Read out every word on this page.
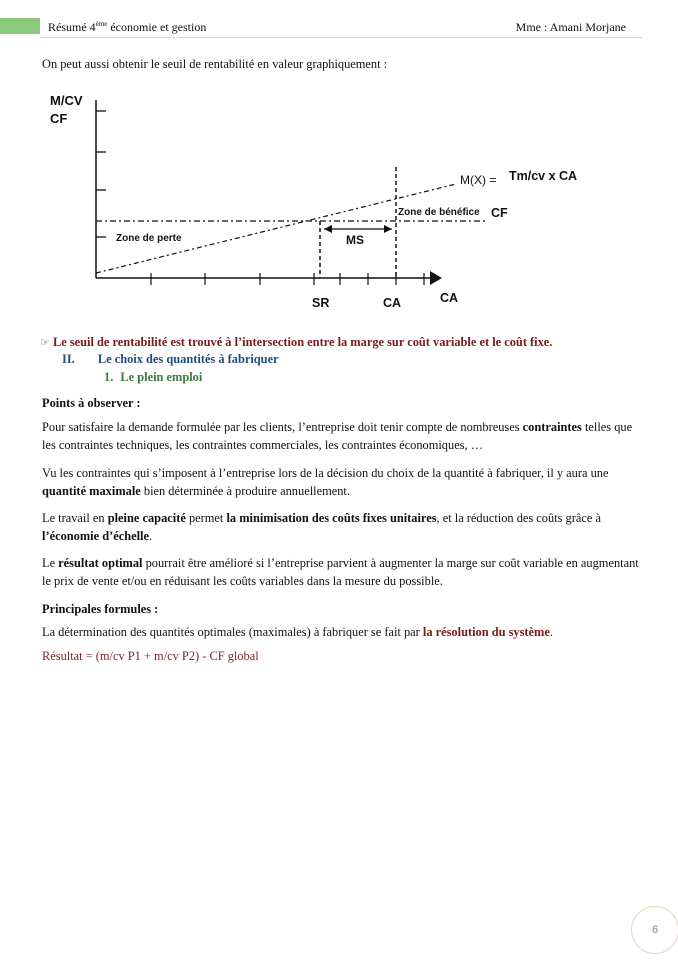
Résumé 4ème économie et gestion	Mme : Amani Morjane

On peut aussi obtenir le seuil de rentabilité en valeur graphiquement :

M/CV
CF
M(X) = Tm/cv x CA
Zone de bénéfice CF
Zone de perte	MS
SR	CA	CA
☞ Le seuil de rentabilité est trouvé à l’intersection entre la marge sur coût variable et le coût fixe.
II. Le choix des quantités à fabriquer
1. Le plein emploi

Points à observer :

Pour satisfaire la demande formulée par les clients, l’entreprise doit tenir compte de nombreuses contraintes telles que les contraintes techniques, les contraintes commerciales, les contraintes économiques, …

Vu les contraintes qui s’imposent à l’entreprise lors de la décision du choix de la quantité à fabriquer, il y aura une quantité maximale bien déterminée à produire annuellement.

Le travail en pleine capacité permet la minimisation des coûts fixes unitaires, et la réduction des coûts grâce à l’économie d’échelle.

Le résultat optimal pourrait être amélioré si l’entreprise parvient à augmenter la marge sur coût variable en augmentant le prix de vente et/ou en réduisant les coûts variables dans la mesure du possible.

Principales formules :

La détermination des quantités optimales (maximales) à fabriquer se fait par la résolution du système.

Résultat = (m/cv P1 + m/cv P2) - CF global

6
